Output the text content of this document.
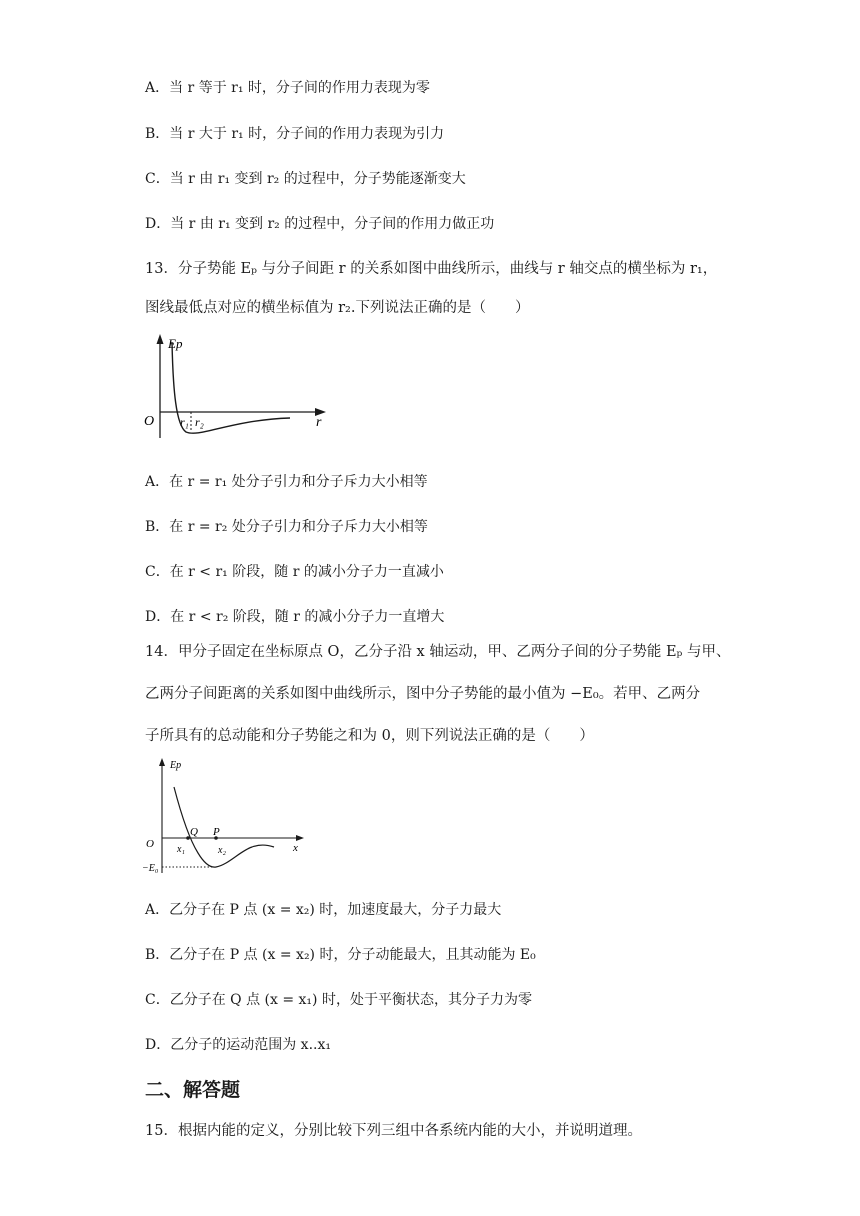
A．当 r 等于 r₁ 时，分子间的作用力表现为零
B．当 r 大于 r₁ 时，分子间的作用力表现为引力
C．当 r 由 r₁ 变到 r₂ 的过程中，分子势能逐渐变大
D．当 r 由 r₁ 变到 r₂ 的过程中，分子间的作用力做正功
13．分子势能 Eₚ 与分子间距 r 的关系如图中曲线所示，曲线与 r 轴交点的横坐标为 r₁，
图线最低点对应的横坐标值为 r₂.下列说法正确的是（　　）
Ep
O r₁ r₂	r
A．在 r = r₁ 处分子引力和分子斥力大小相等
B．在 r = r₂ 处分子引力和分子斥力大小相等
C．在 r < r₁ 阶段，随 r 的减小分子力一直减小
D．在 r < r₂ 阶段，随 r 的减小分子力一直增大
14．甲分子固定在坐标原点 O，乙分子沿 x 轴运动，甲、乙两分子间的分子势能 Eₚ 与甲、
乙两分子间距离的关系如图中曲线所示，图中分子势能的最小值为 −E₀。若甲、乙两分
子所具有的总动能和分子势能之和为 0，则下列说法正确的是（　　）
Ep
O
Q P
x₁	x₂	x
−E₀
A．乙分子在 P 点 (x = x₂) 时，加速度最大，分子力最大
B．乙分子在 P 点 (x = x₂) 时，分子动能最大，且其动能为 E₀
C．乙分子在 Q 点 (x = x₁) 时，处于平衡状态，其分子力为零
D．乙分子的运动范围为 x..x₁
二、解答题
15．根据内能的定义，分别比较下列三组中各系统内能的大小，并说明道理。
